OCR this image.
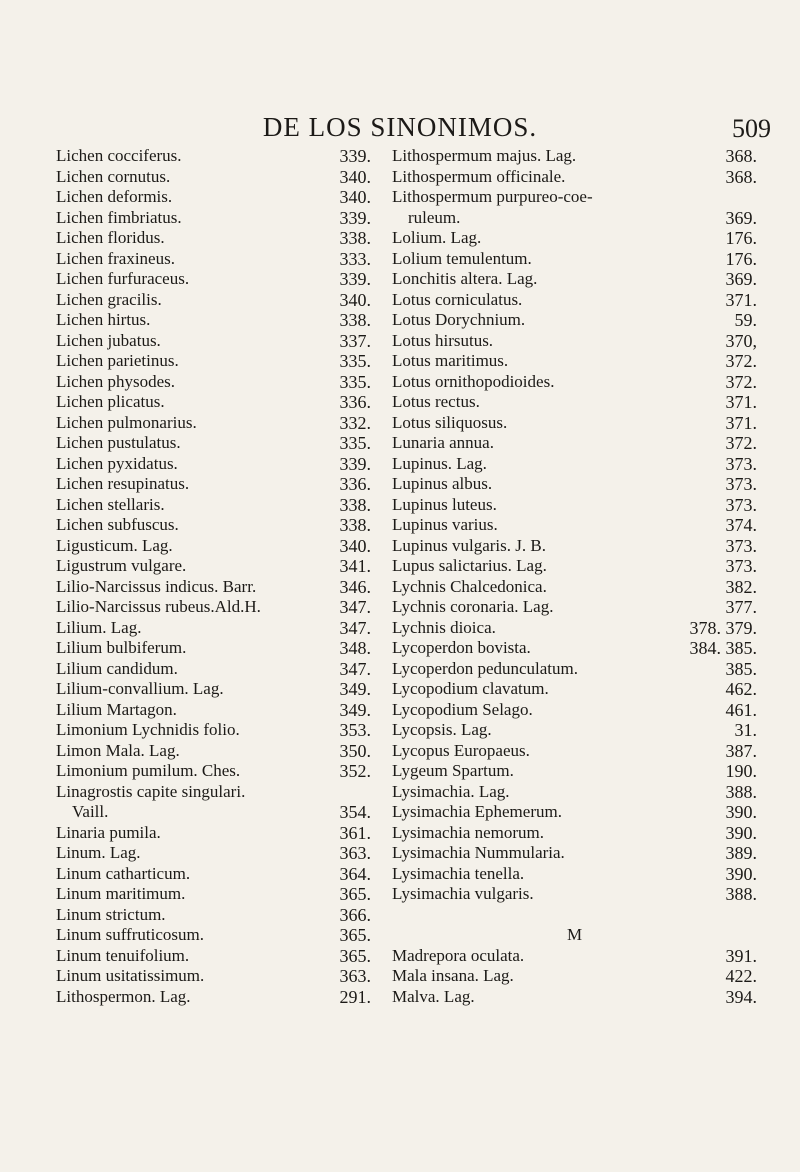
DE LOS SINONIMOS.	509
Lichen cocciferus.	339.
Lichen cornutus.	340.
Lichen deformis.	340.
Lichen fimbriatus.	339.
Lichen floridus.	338.
Lichen fraxineus.	333.
Lichen furfuraceus.	339.
Lichen gracilis.	340.
Lichen hirtus.	338.
Lichen jubatus.	337.
Lichen parietinus.	335.
Lichen physodes.	335.
Lichen plicatus.	336.
Lichen pulmonarius.	332.
Lichen pustulatus.	335.
Lichen pyxidatus.	339.
Lichen resupinatus.	336.
Lichen stellaris.	338.
Lichen subfuscus.	338.
Ligusticum. Lag.	340.
Ligustrum vulgare.	341.
Lilio-Narcissus indicus. Barr.	346.
Lilio-Narcissus rubeus.Ald.H.	347.
Lilium. Lag.	347.
Lilium bulbiferum.	348.
Lilium candidum.	347.
Lilium-convallium. Lag.	349.
Lilium Martagon.	349.
Limonium Lychnidis folio.	353.
Limon Mala. Lag.	350.
Limonium pumilum. Ches.	352.
Linagrostis capite singulari.
Vaill.	354.
Linaria pumila.	361.
Linum. Lag.	363.
Linum catharticum.	364.
Linum maritimum.	365.
Linum strictum.	366.
Linum suffruticosum.	365.
Linum tenuifolium.	365.
Linum usitatissimum.	363.
Lithospermon. Lag.	291.
Lithospermum majus. Lag.	368.
Lithospermum officinale.	368.
Lithospermum purpureo-coe-
ruleum.	369.
Lolium. Lag.	176.
Lolium temulentum.	176.
Lonchitis altera. Lag.	369.
Lotus corniculatus.	371.
Lotus Dorychnium.	59.
Lotus hirsutus.	370,
Lotus maritimus.	372.
Lotus ornithopodioides.	372.
Lotus rectus.	371.
Lotus siliquosus.	371.
Lunaria annua.	372.
Lupinus. Lag.	373.
Lupinus albus.	373.
Lupinus luteus.	373.
Lupinus varius.	374.
Lupinus vulgaris. J. B.	373.
Lupus salictarius. Lag.	373.
Lychnis Chalcedonica.	382.
Lychnis coronaria. Lag.	377.
Lychnis dioica.	378. 379.
Lycoperdon bovista.	384. 385.
Lycoperdon pedunculatum.	385.
Lycopodium clavatum.	462.
Lycopodium Selago.	461.
Lycopsis. Lag.	31.
Lycopus Europaeus.	387.
Lygeum Spartum.	190.
Lysimachia. Lag.	388.
Lysimachia Ephemerum.	390.
Lysimachia nemorum.	390.
Lysimachia Nummularia.	389.
Lysimachia tenella.	390.
Lysimachia vulgaris.	388.
M
Madrepora oculata.	391.
Mala insana. Lag.	422.
Malva. Lag.	394.
